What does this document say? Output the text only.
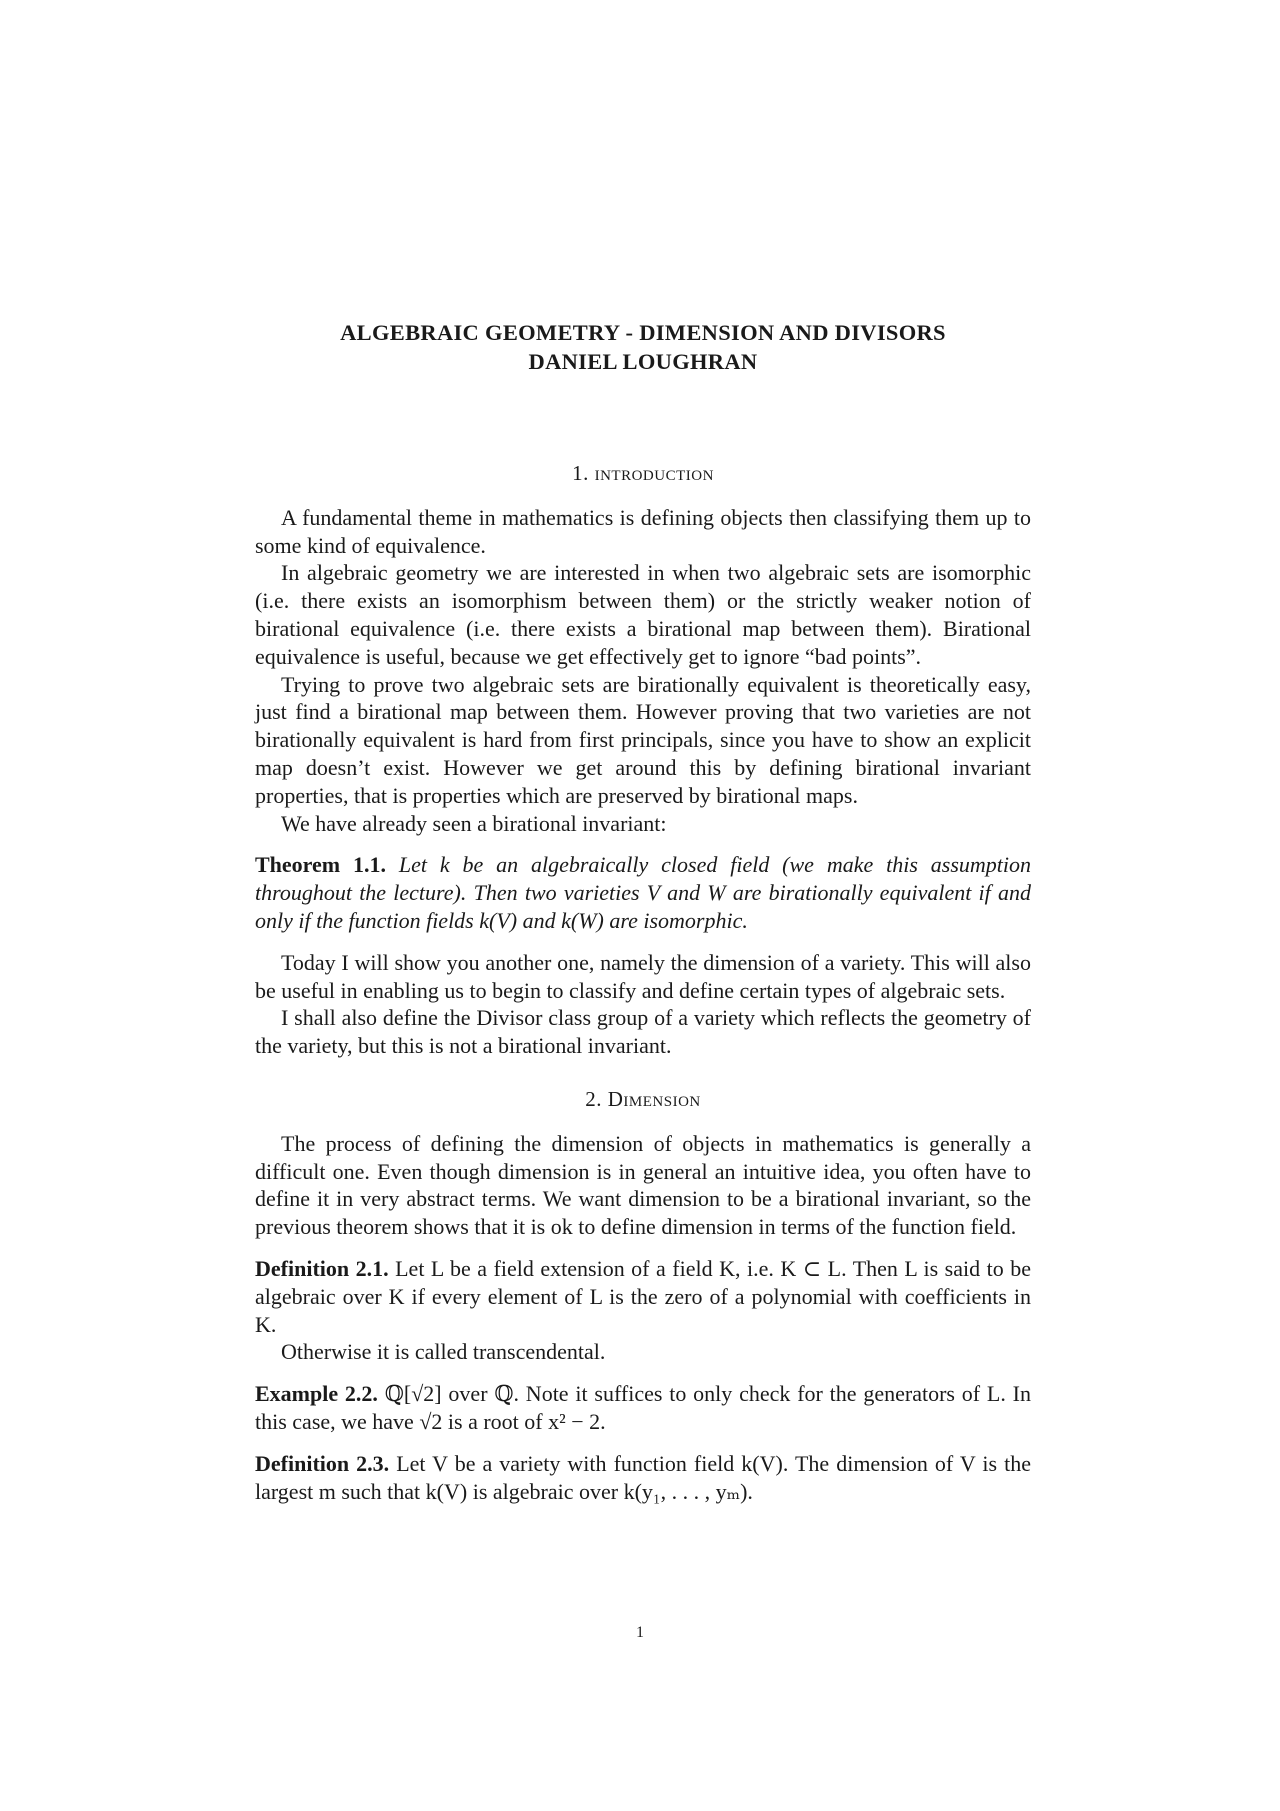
ALGEBRAIC GEOMETRY - DIMENSION AND DIVISORS
DANIEL LOUGHRAN
1. introduction

A fundamental theme in mathematics is defining objects then classifying them up to some kind of equivalence.

In algebraic geometry we are interested in when two algebraic sets are isomorphic (i.e. there exists an isomorphism between them) or the strictly weaker notion of birational equivalence (i.e. there exists a birational map between them). Birational equivalence is useful, because we get effectively get to ignore “bad points”.

Trying to prove two algebraic sets are birationally equivalent is theoretically easy, just find a birational map between them. However proving that two varieties are not birationally equivalent is hard from first principals, since you have to show an explicit map doesn’t exist. However we get around this by defining birational invariant properties, that is properties which are preserved by birational maps.

We have already seen a birational invariant:

Theorem 1.1. Let k be an algebraically closed field (we make this assumption throughout the lecture). Then two varieties V and W are birationally equivalent if and only if the function fields k(V) and k(W) are isomorphic.

Today I will show you another one, namely the dimension of a variety. This will also be useful in enabling us to begin to classify and define certain types of algebraic sets.

I shall also define the Divisor class group of a variety which reflects the geometry of the variety, but this is not a birational invariant.

2. Dimension

The process of defining the dimension of objects in mathematics is generally a difficult one. Even though dimension is in general an intuitive idea, you often have to define it in very abstract terms. We want dimension to be a birational invariant, so the previous theorem shows that it is ok to define dimension in terms of the function field.

Definition 2.1. Let L be a field extension of a field K, i.e. K ⊂ L. Then L is said to be algebraic over K if every element of L is the zero of a polynomial with coefficients in K.

Otherwise it is called transcendental.

Example 2.2. ℚ[√2] over ℚ. Note it suffices to only check for the generators of L. In this case, we have √2 is a root of x² − 2.
Definition 2.3. Let V be a variety with function field k(V). The dimension of V is the largest m such that k(V) is algebraic over k(y₁, . . . , yₘ).
1
